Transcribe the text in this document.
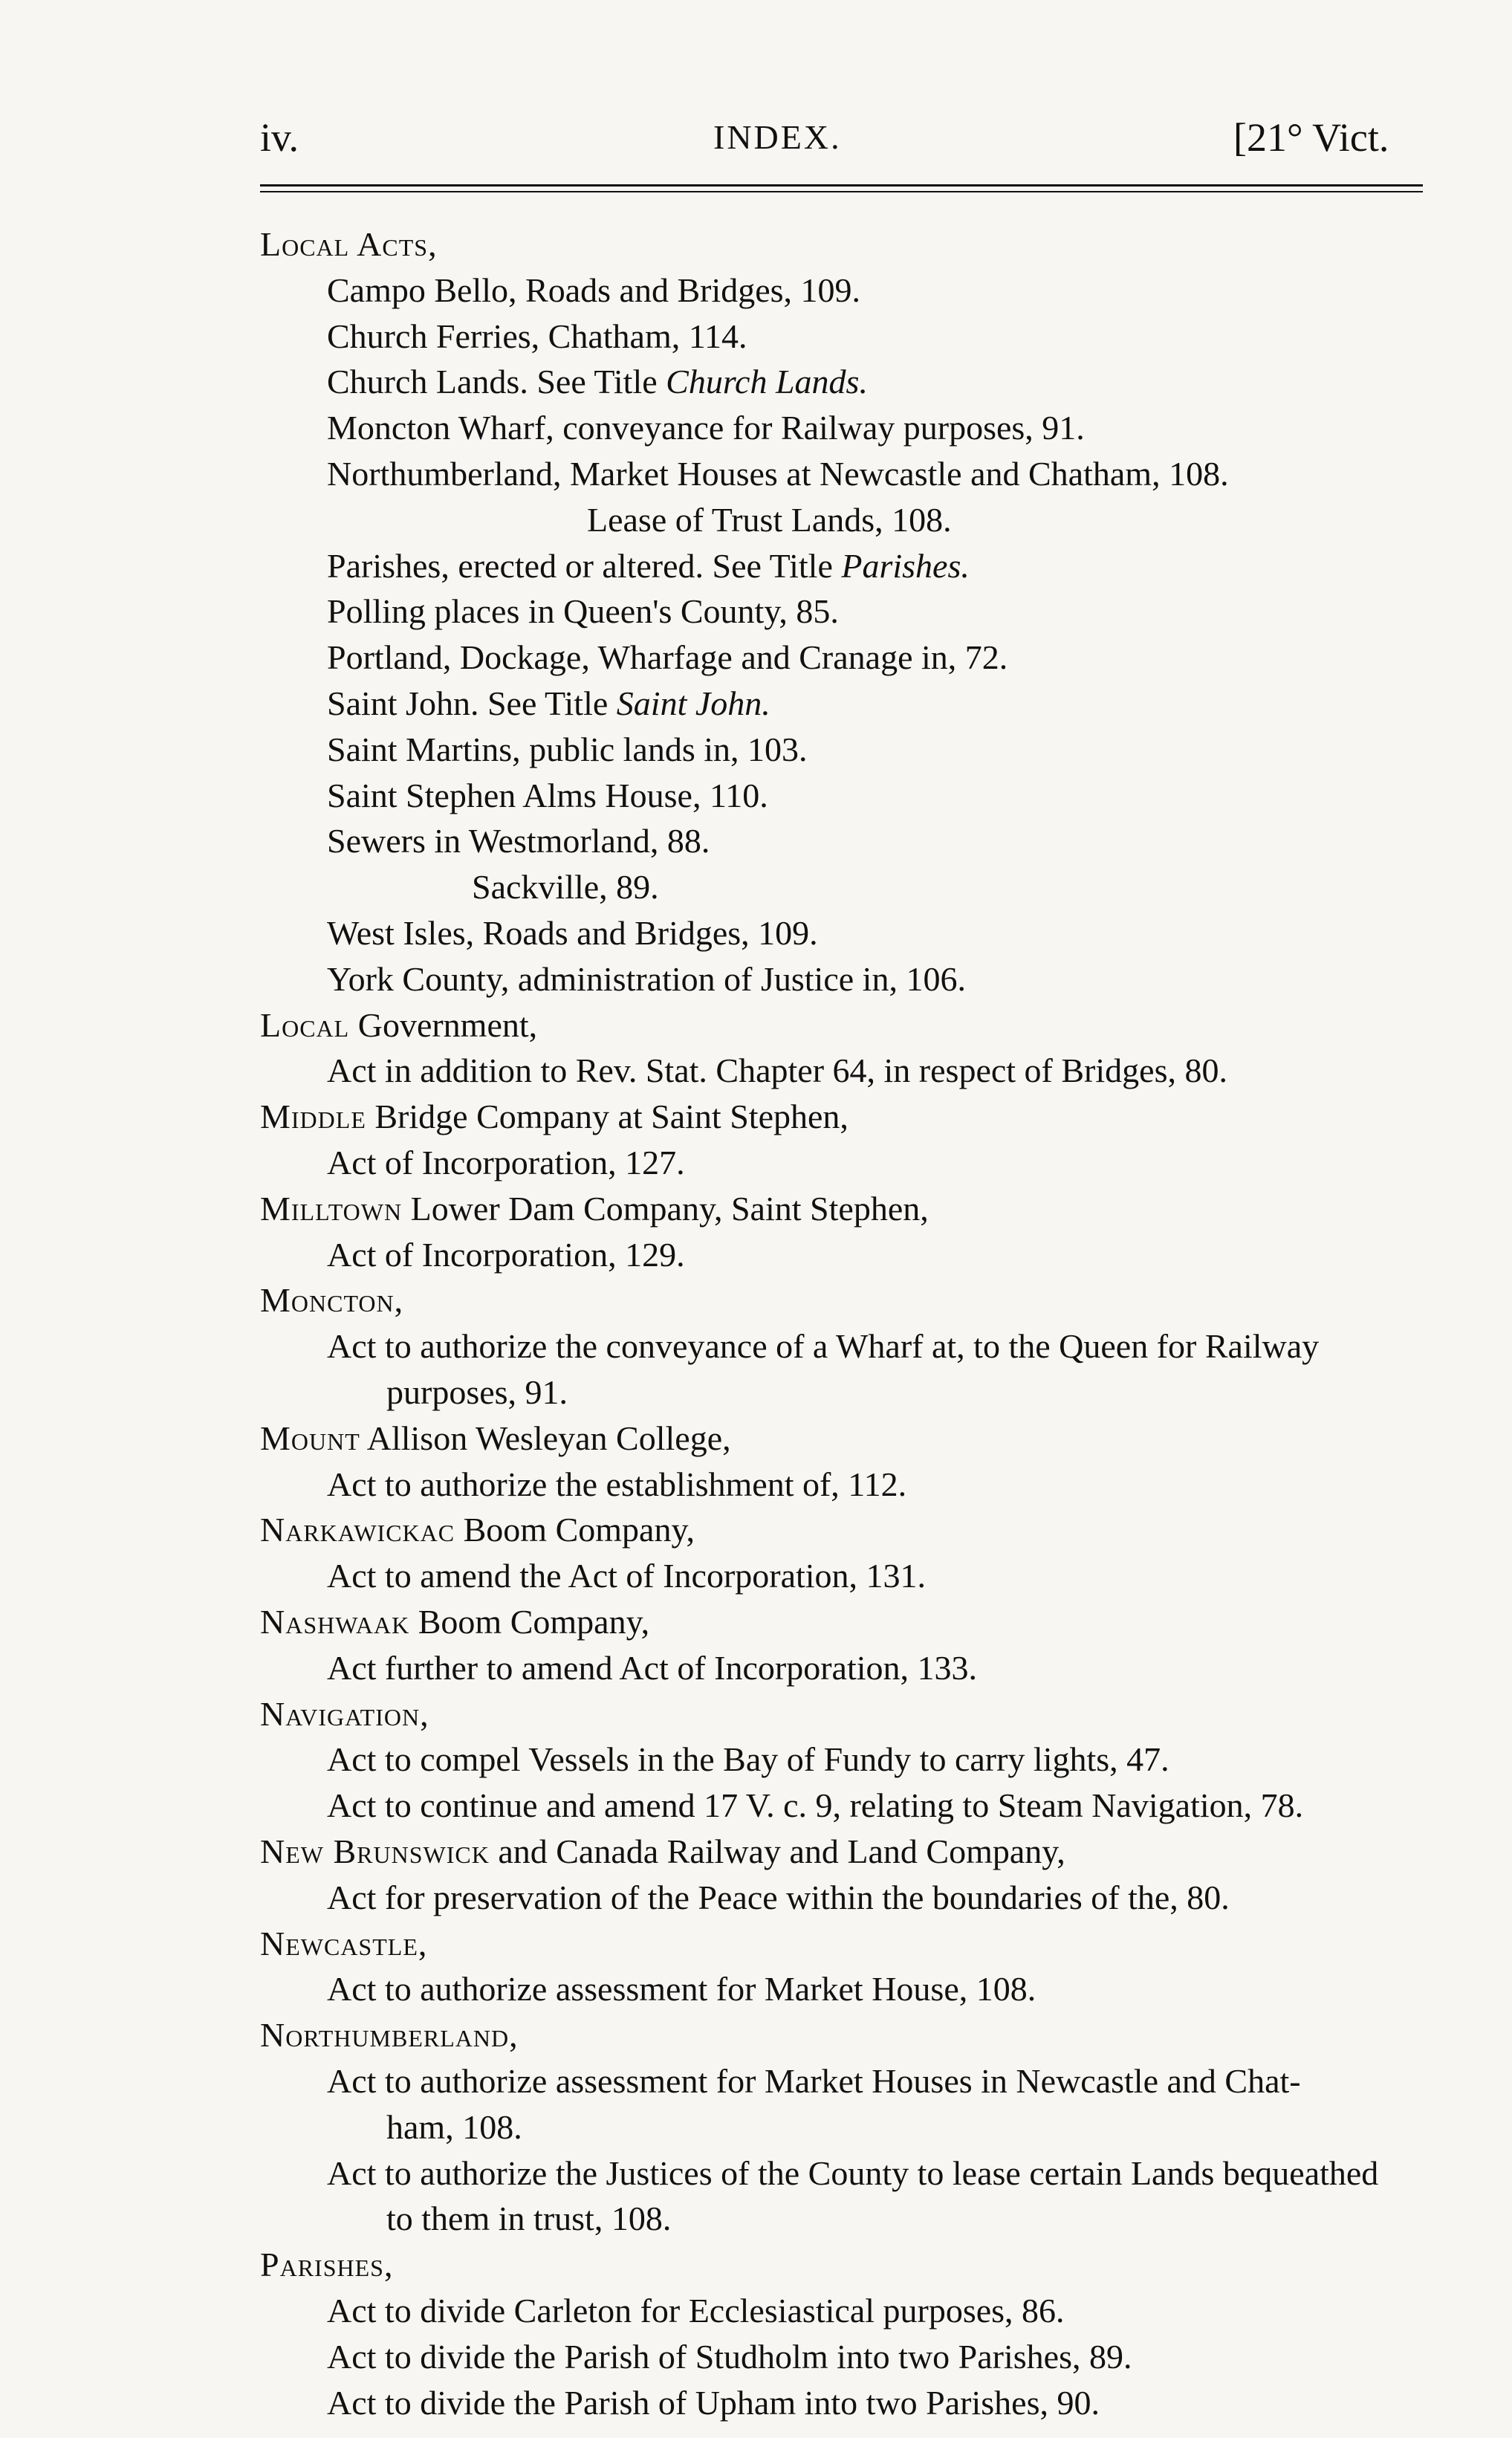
iv.	INDEX.	[21° Vict.
Local Acts,
Campo Bello, Roads and Bridges, 109.
Church Ferries, Chatham, 114.
Church Lands. See Title Church Lands.
Moncton Wharf, conveyance for Railway purposes, 91.
Northumberland, Market Houses at Newcastle and Chatham, 108.
Lease of Trust Lands, 108.
Parishes, erected or altered. See Title Parishes.
Polling places in Queen's County, 85.
Portland, Dockage, Wharfage and Cranage in, 72.
Saint John. See Title Saint John.
Saint Martins, public lands in, 103.
Saint Stephen Alms House, 110.
Sewers in Westmorland, 88.
Sackville, 89.
West Isles, Roads and Bridges, 109.
York County, administration of Justice in, 106.
Local Government,
Act in addition to Rev. Stat. Chapter 64, in respect of Bridges, 80.
Middle Bridge Company at Saint Stephen,
Act of Incorporation, 127.
Milltown Lower Dam Company, Saint Stephen,
Act of Incorporation, 129.
Moncton,
Act to authorize the conveyance of a Wharf at, to the Queen for Railway
purposes, 91.
Mount Allison Wesleyan College,
Act to authorize the establishment of, 112.
Narkawickac Boom Company,
Act to amend the Act of Incorporation, 131.
Nashwaak Boom Company,
Act further to amend Act of Incorporation, 133.
Navigation,
Act to compel Vessels in the Bay of Fundy to carry lights, 47.
Act to continue and amend 17 V. c. 9, relating to Steam Navigation, 78.
New Brunswick and Canada Railway and Land Company,
Act for preservation of the Peace within the boundaries of the, 80.
Newcastle,
Act to authorize assessment for Market House, 108.
Northumberland,
Act to authorize assessment for Market Houses in Newcastle and Chat-
ham, 108.
Act to authorize the Justices of the County to lease certain Lands bequeathed
to them in trust, 108.
Parishes,
Act to divide Carleton for Ecclesiastical purposes, 86.
Act to divide the Parish of Studholm into two Parishes, 89.
Act to divide the Parish of Upham into two Parishes, 90.
